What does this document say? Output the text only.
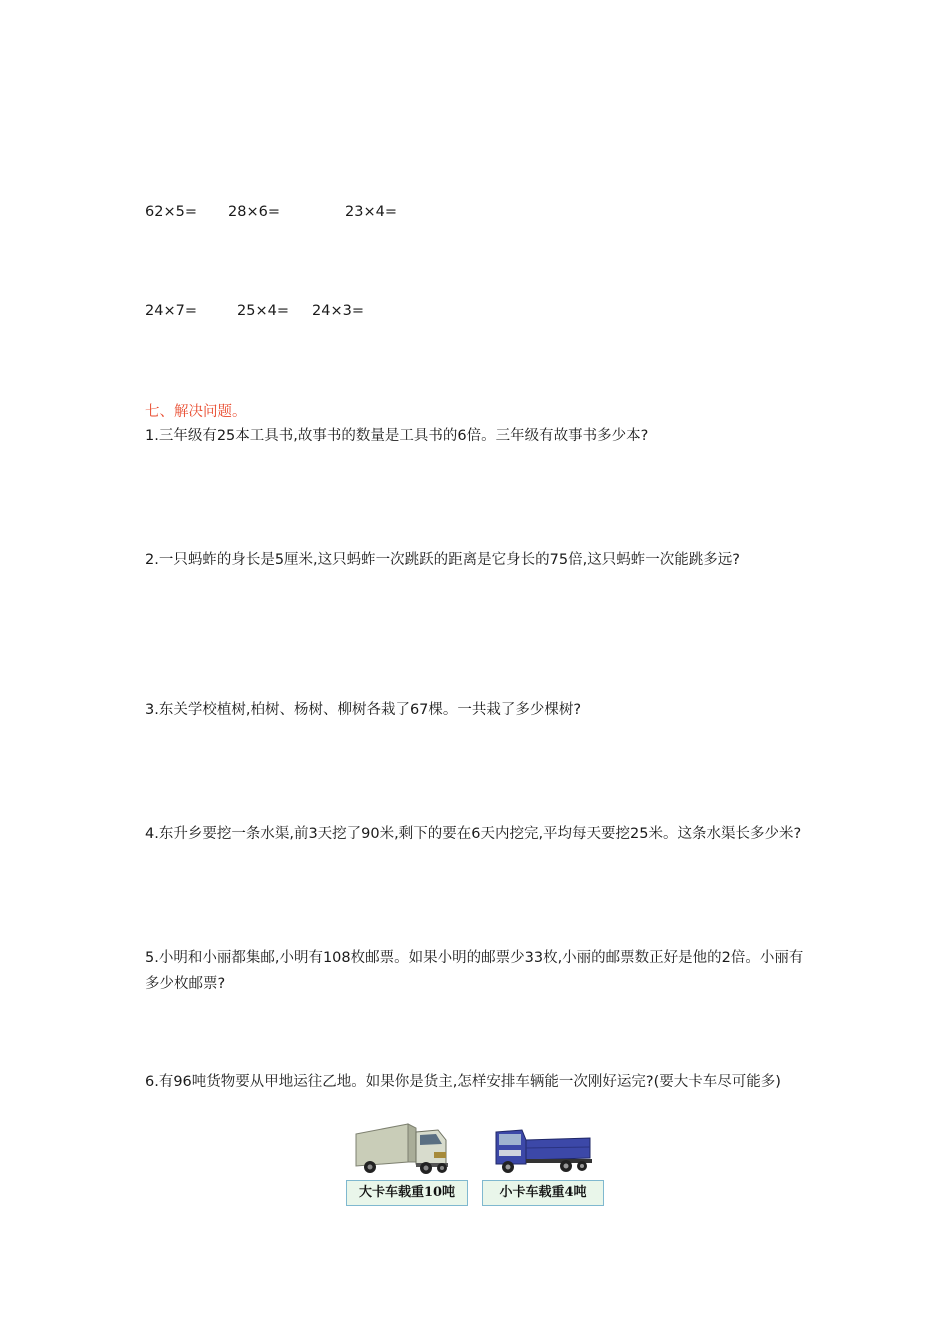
62×5= 28×6=	23×4=

24×7=	25×4= 24×3=

七、解决问题。

1.三年级有25本工具书,故事书的数量是工具书的6倍。三年级有故事书多少本?

2.一只蚂蚱的身长是5厘米,这只蚂蚱一次跳跃的距离是它身长的75倍,这只蚂蚱一次能跳多远?

3.东关学校植树,柏树、杨树、柳树各栽了67棵。一共栽了多少棵树?

4.东升乡要挖一条水渠,前3天挖了90米,剩下的要在6天内挖完,平均每天要挖25米。这条水渠长多少米?

5.小明和小丽都集邮,小明有108枚邮票。如果小明的邮票少33枚,小丽的邮票数正好是他的2倍。小丽有多少枚邮票?

6.有96吨货物要从甲地运往乙地。如果你是货主,怎样安排车辆能一次刚好运完?(要大卡车尽可能多)

大卡车载重10吨	小卡车载重4吨
